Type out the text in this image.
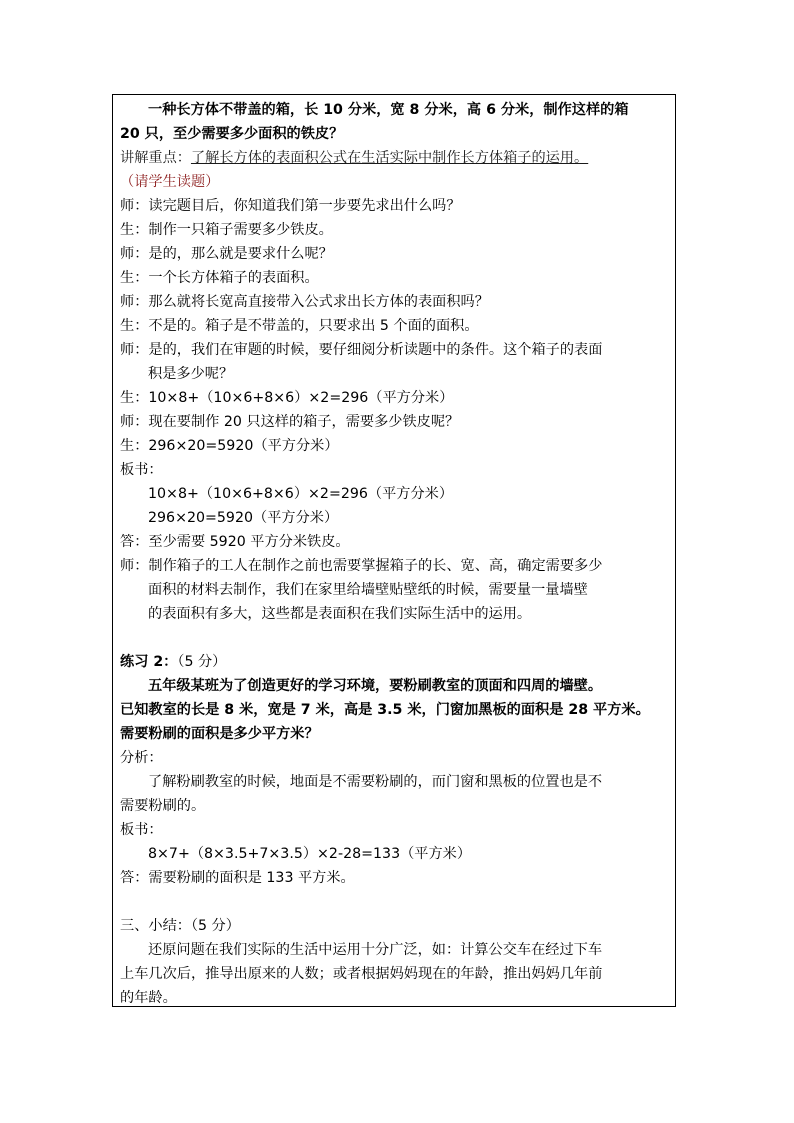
一种长方体不带盖的箱，长 10 分米，宽 8 分米，高 6 分米，制作这样的箱
20 只，至少需要多少面积的铁皮？
讲解重点：了解长方体的表面积公式在生活实际中制作长方体箱子的运用。
（请学生读题）
师：读完题目后，你知道我们第一步要先求出什么吗？
生：制作一只箱子需要多少铁皮。
师：是的，那么就是要求什么呢？
生：一个长方体箱子的表面积。
师：那么就将长宽高直接带入公式求出长方体的表面积吗？
生：不是的。箱子是不带盖的，只要求出 5 个面的面积。
师：是的，我们在审题的时候，要仔细阅分析读题中的条件。这个箱子的表面
积是多少呢？
生：10×8+（10×6+8×6）×2=296（平方分米）
师：现在要制作 20 只这样的箱子，需要多少铁皮呢？
生：296×20=5920（平方分米）
板书：
10×8+（10×6+8×6）×2=296（平方分米）
296×20=5920（平方分米）
答：至少需要 5920 平方分米铁皮。
师：制作箱子的工人在制作之前也需要掌握箱子的长、宽、高，确定需要多少
面积的材料去制作，我们在家里给墙壁贴壁纸的时候，需要量一量墙壁
的表面积有多大，这些都是表面积在我们实际生活中的运用。
练习 2：（5 分）
五年级某班为了创造更好的学习环境，要粉刷教室的顶面和四周的墙壁。
已知教室的长是 8 米，宽是 7 米，高是 3.5 米，门窗加黑板的面积是 28 平方米。
需要粉刷的面积是多少平方米？
分析：
了解粉刷教室的时候，地面是不需要粉刷的，而门窗和黑板的位置也是不
需要粉刷的。
板书：
8×7+（8×3.5+7×3.5）×2-28=133（平方米）
答：需要粉刷的面积是 133 平方米。
三、小结：（5 分）
还原问题在我们实际的生活中运用十分广泛，如：计算公交车在经过下车
上车几次后，推导出原来的人数；或者根据妈妈现在的年龄，推出妈妈几年前
的年龄。
